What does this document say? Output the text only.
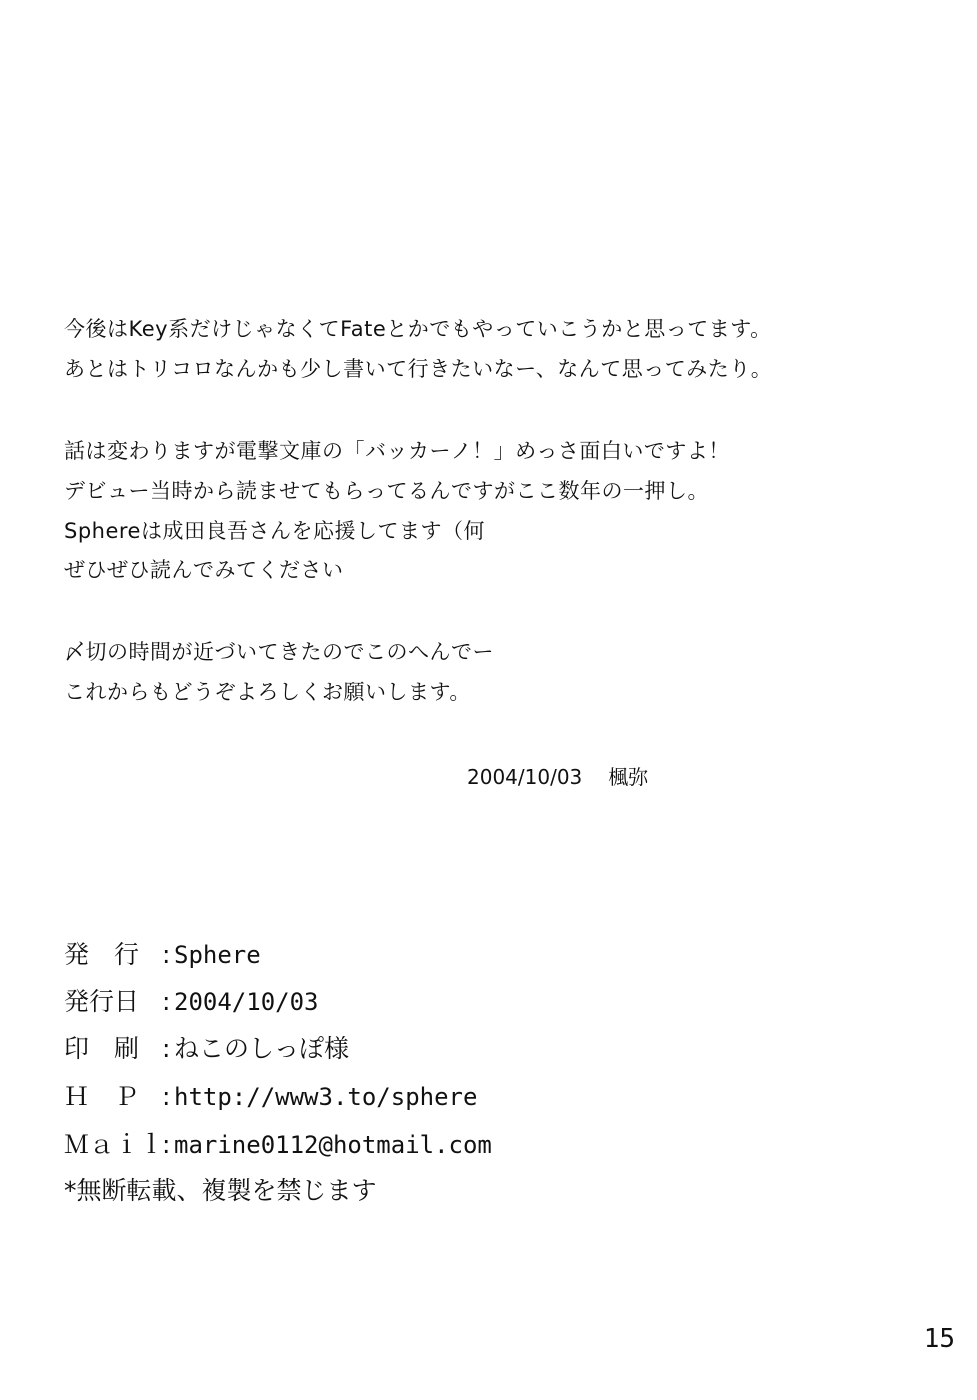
今後はKey系だけじゃなくてFateとかでもやっていこうかと思ってます。
あとはトリコロなんかも少し書いて行きたいなー、なんて思ってみたり。
話は変わりますが電撃文庫の「バッカーノ！」めっさ面白いですよ！
デビュー当時から読ませてもらってるんですがここ数年の一押し。
Sphereは成田良吾さんを応援してます（何
ぜひぜひ読んでみてください
〆切の時間が近づいてきたのでこのへんでー
これからもどうぞよろしくお願いします。
2004/10/03 楓弥
発　行 : Sphere
発行日 : 2004/10/03
印　刷 : ねこのしっぽ様
Ｈ　Ｐ : http://www3.to/sphere
Ｍａｉｌ: marine0112@hotmail.com
*無断転載、複製を禁じます
15
